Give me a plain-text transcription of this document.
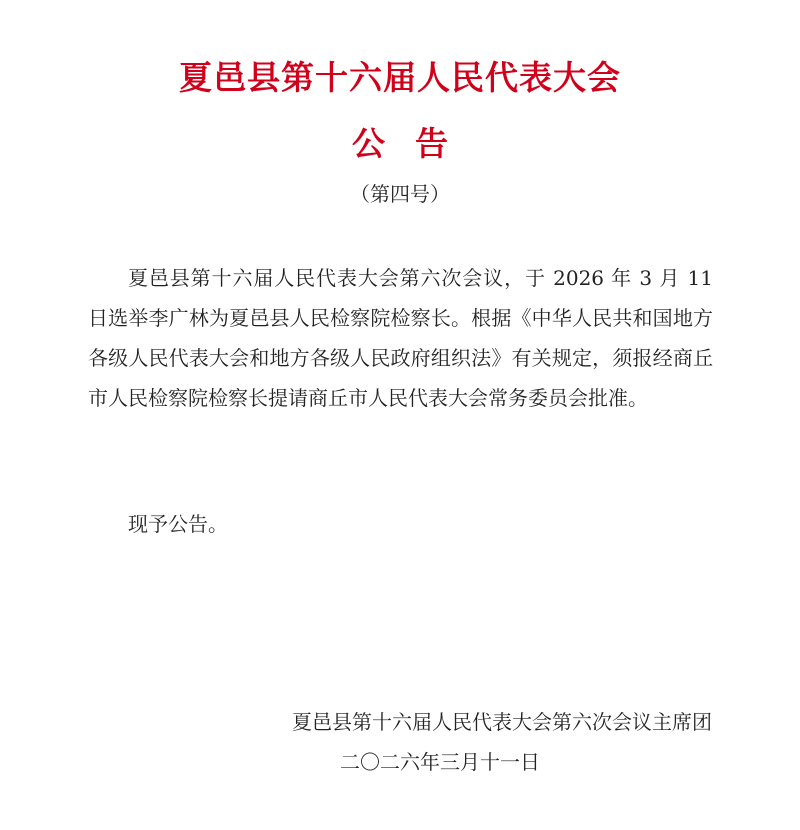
夏邑县第十六届人民代表大会
公告
（第四号）

夏邑县第十六届人民代表大会第六次会议，于 2026 年 3 月 11 日选举李广林为夏邑县人民检察院检察长。根据《中华人民共和国地方各级人民代表大会和地方各级人民政府组织法》有关规定，须报经商丘市人民检察院检察长提请商丘市人民代表大会常务委员会批准。

现予公告。

夏邑县第十六届人民代表大会第六次会议主席团
二〇二六年三月十一日
